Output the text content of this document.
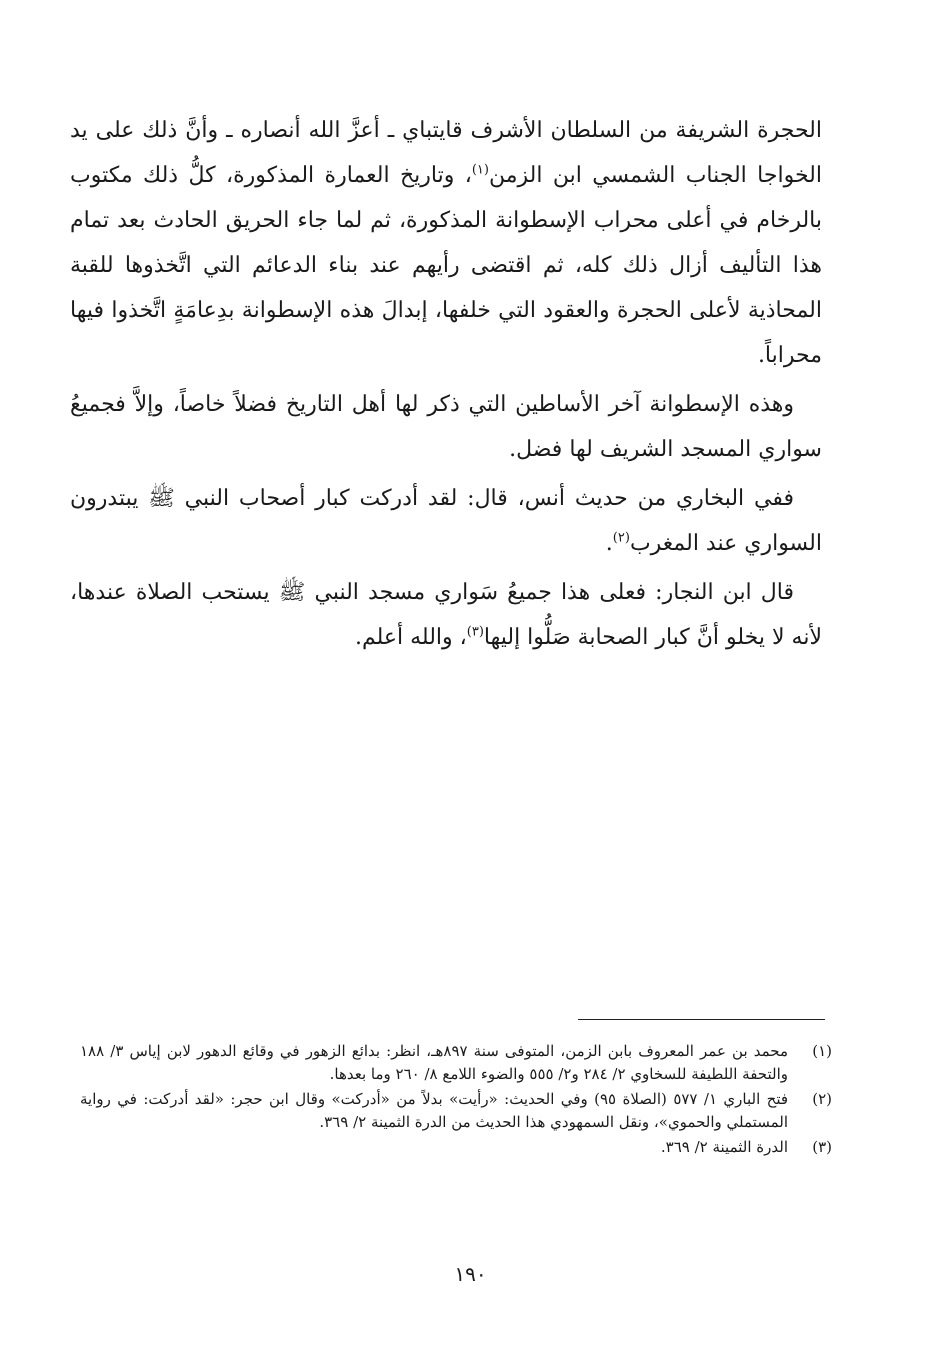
الحجرة الشريفة من السلطان الأشرف قايتباي ـ أعزَّ الله أنصاره ـ وأنَّ ذلك على يد الخواجا الجناب الشمسي ابن الزمن$^{(١)}$، وتاريخ العمارة المذكورة، كلُّ ذلك مكتوب بالرخام في أعلى محراب الإسطوانة المذكورة، ثم لما جاء الحريق الحادث بعد تمام هذا التأليف أزال ذلك كله، ثم اقتضى رأيهم عند بناء الدعائم التي اتَّخذوها للقبة المحاذية لأعلى الحجرة والعقود التي خلفها، إبدالَ هذه الإسطوانة بدِعامَةٍ اتَّخذوا فيها محراباً.

وهذه الإسطوانة آخر الأساطين التي ذكر لها أهل التاريخ فضلاً خاصاً، وإلاَّ فجميعُ سواري المسجد الشريف لها فضل.

ففي البخاري من حديث أنس، قال: لقد أدركت كبار أصحاب النبي ﷺ يبتدرون السواري عند المغرب$^{(٢)}$.

قال ابن النجار: فعلى هذا جميعُ سَواري مسجد النبي ﷺ يستحب الصلاة عندها، لأنه لا يخلو أنَّ كبار الصحابة صَلُّوا إليها$^{(٣)}$، والله أعلم.

(١)
محمد بن عمر المعروف بابن الزمن، المتوفى سنة ٨٩٧هـ، انظر: بدائع الزهور في وقائع الدهور لابن إياس ٣/ ١٨٨ والتحفة اللطيفة للسخاوي ٢/ ٢٨٤ و٢/ ٥٥٥ والضوء اللامع ٨/ ٢٦٠ وما بعدها.
(٢)
فتح الباري ١/ ٥٧٧ (الصلاة ٩٥) وفي الحديث: «رأيت» بدلاً من «أدركت» وقال ابن حجر: «لقد أدركت: في رواية المستملي والحموي»، ونقل السمهودي هذا الحديث من الدرة الثمينة ٢/ ٣٦٩.
(٣)
الدرة الثمينة ٢/ ٣٦٩.
١٩٠
